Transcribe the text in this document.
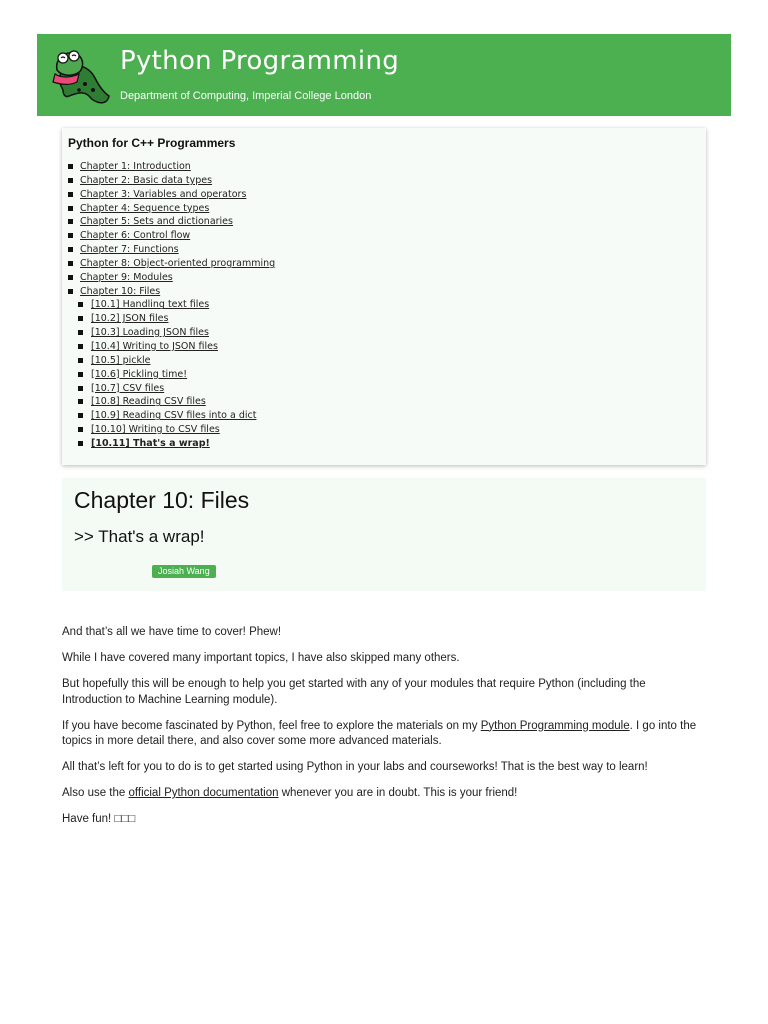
Python Programming
Department of Computing, Imperial College London
Python for C++ Programmers
Chapter 1: Introduction
Chapter 2: Basic data types
Chapter 3: Variables and operators
Chapter 4: Sequence types
Chapter 5: Sets and dictionaries
Chapter 6: Control flow
Chapter 7: Functions
Chapter 8: Object-oriented programming
Chapter 9: Modules
Chapter 10: Files
[10.1] Handling text files
[10.2] JSON files
[10.3] Loading JSON files
[10.4] Writing to JSON files
[10.5] pickle
[10.6] Pickling time!
[10.7] CSV files
[10.8] Reading CSV files
[10.9] Reading CSV files into a dict
[10.10] Writing to CSV files
[10.11] That's a wrap!
Chapter 10: Files
>> That's a wrap!
Josiah Wang

And that’s all we have time to cover! Phew!

While I have covered many important topics, I have also skipped many others.

But hopefully this will be enough to help you get started with any of your modules that require Python (including the Introduction to Machine Learning module).

If you have become fascinated by Python, feel free to explore the materials on my Python Programming module. I go into the topics in more detail there, and also cover some more advanced materials.

All that’s left for you to do is to get started using Python in your labs and courseworks! That is the best way to learn!

Also use the official Python documentation whenever you are in doubt. This is your friend!

Have fun! □□□
